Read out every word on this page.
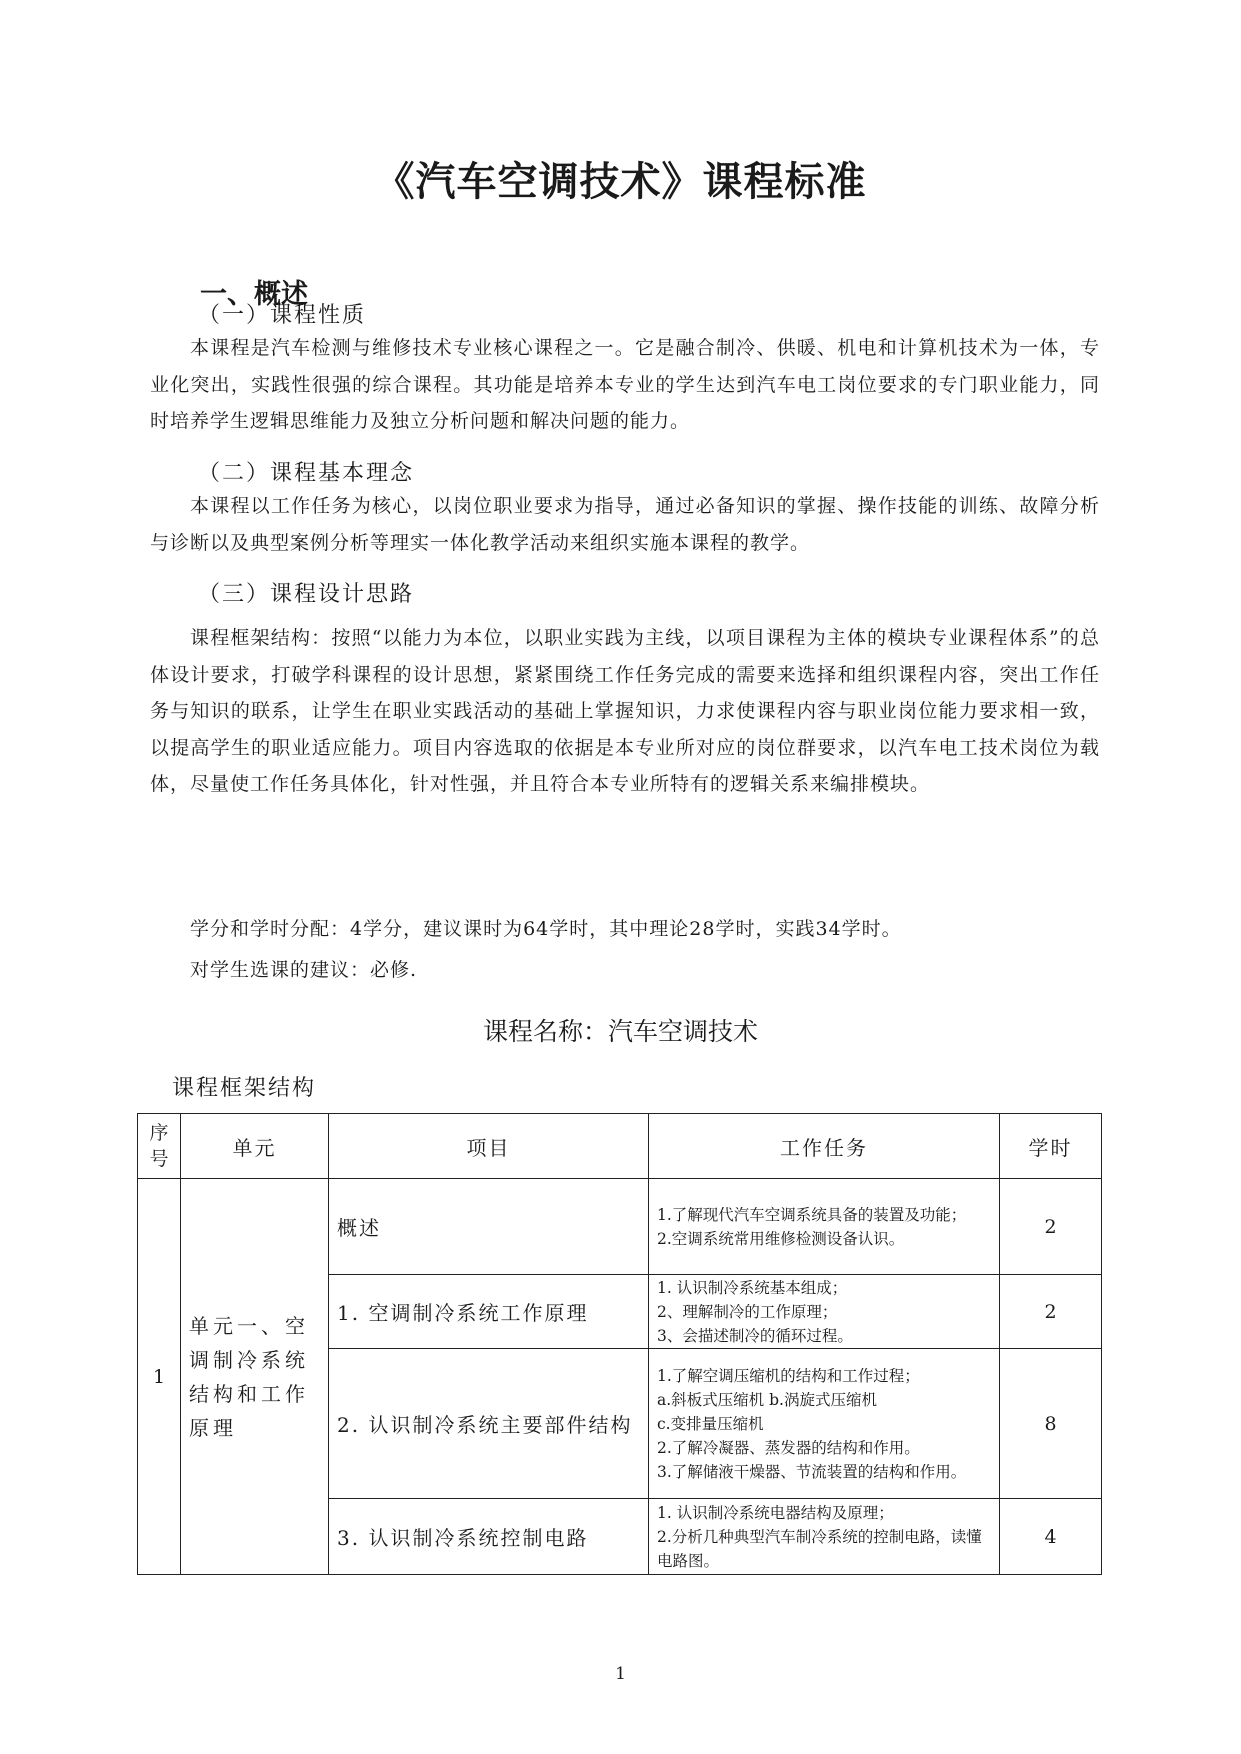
《汽车空调技术》课程标准
一、概述
（一）课程性质
本课程是汽车检测与维修技术专业核心课程之一。它是融合制冷、供暖、机电和计算机技术为一体，专业化突出，实践性很强的综合课程。其功能是培养本专业的学生达到汽车电工岗位要求的专门职业能力，同时培养学生逻辑思维能力及独立分析问题和解决问题的能力。
（二）课程基本理念
本课程以工作任务为核心，以岗位职业要求为指导，通过必备知识的掌握、操作技能的训练、故障分析与诊断以及典型案例分析等理实一体化教学活动来组织实施本课程的教学。
（三）课程设计思路
课程框架结构：按照“以能力为本位，以职业实践为主线，以项目课程为主体的模块专业课程体系”的总体设计要求，打破学科课程的设计思想，紧紧围绕工作任务完成的需要来选择和组织课程内容，突出工作任务与知识的联系，让学生在职业实践活动的基础上掌握知识，力求使课程内容与职业岗位能力要求相一致，以提高学生的职业适应能力。项目内容选取的依据是本专业所对应的岗位群要求，以汽车电工技术岗位为载体，尽量使工作任务具体化，针对性强，并且符合本专业所特有的逻辑关系来编排模块。
学分和学时分配：4学分，建议课时为64学时，其中理论28学时，实践34学时。
对学生选课的建议：必修.
课程名称：汽车空调技术
课程框架结构
序号	单元	项目	工作任务	学时
1	单元一、空调制冷系统结构和工作原理	概述	1.了解现代汽车空调系统具备的装置及功能；
2.空调系统常用维修检测设备认识。	2
		1. 空调制冷系统工作原理	1. 认识制冷系统基本组成；
2、理解制冷的工作原理；
3、会描述制冷的循环过程。	2
		2. 认识制冷系统主要部件结构	1.了解空调压缩机的结构和工作过程；
a.斜板式压缩机 b.涡旋式压缩机
c.变排量压缩机
2.了解冷凝器、蒸发器的结构和作用。
3.了解储液干燥器、节流装置的结构和作用。	8
		3. 认识制冷系统控制电路	1. 认识制冷系统电器结构及原理；
2.分析几种典型汽车制冷系统的控制电路，读懂电路图。	4
1
